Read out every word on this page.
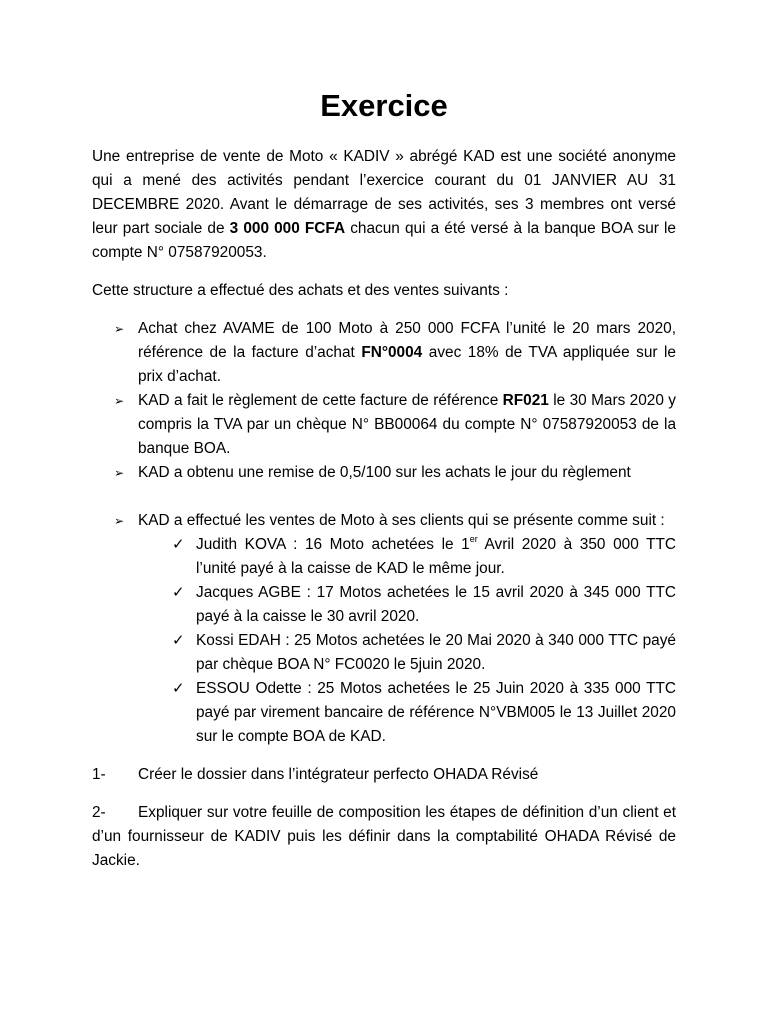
Exercice

Une entreprise de vente de Moto « KADIV » abrégé KAD est une société anonyme qui a mené des activités pendant l’exercice courant du 01 JANVIER AU 31 DECEMBRE 2020. Avant le démarrage de ses activités, ses 3 membres ont versé leur part sociale de 3 000 000 FCFA chacun qui a été versé à la banque BOA sur le compte N° 07587920053.

Cette structure a effectué des achats et des ventes suivants :

➢ Achat chez AVAME de 100 Moto à 250 000 FCFA l’unité le 20 mars 2020, référence de la facture d’achat FN°0004 avec 18% de TVA appliquée sur le prix d’achat.
➢ KAD a fait le règlement de cette facture de référence RF021 le 30 Mars 2020 y compris la TVA par un chèque N° BB00064 du compte N° 07587920053 de la banque BOA.
➢ KAD a obtenu une remise de 0,5/100 sur les achats le jour du règlement
➢ KAD a effectué les ventes de Moto à ses clients qui se présente comme suit :
✓ Judith KOVA : 16 Moto achetées le 1er Avril 2020 à 350 000 TTC l’unité payé à la caisse de KAD le même jour.
✓ Jacques AGBE : 17 Motos achetées le 15 avril 2020 à 345 000 TTC payé à la caisse le 30 avril 2020.
✓ Kossi EDAH : 25 Motos achetées le 20 Mai 2020 à 340 000 TTC payé par chèque BOA N° FC0020 le 5juin 2020.
✓ ESSOU Odette : 25 Motos achetées le 25 Juin 2020 à 335 000 TTC payé par virement bancaire de référence N°VBM005 le 13 Juillet 2020 sur le compte BOA de KAD.

1- Créer le dossier dans l’intégrateur perfecto OHADA Révisé

2- Expliquer sur votre feuille de composition les étapes de définition d’un client et d’un fournisseur de KADIV puis les définir dans la comptabilité OHADA Révisé de Jackie.
